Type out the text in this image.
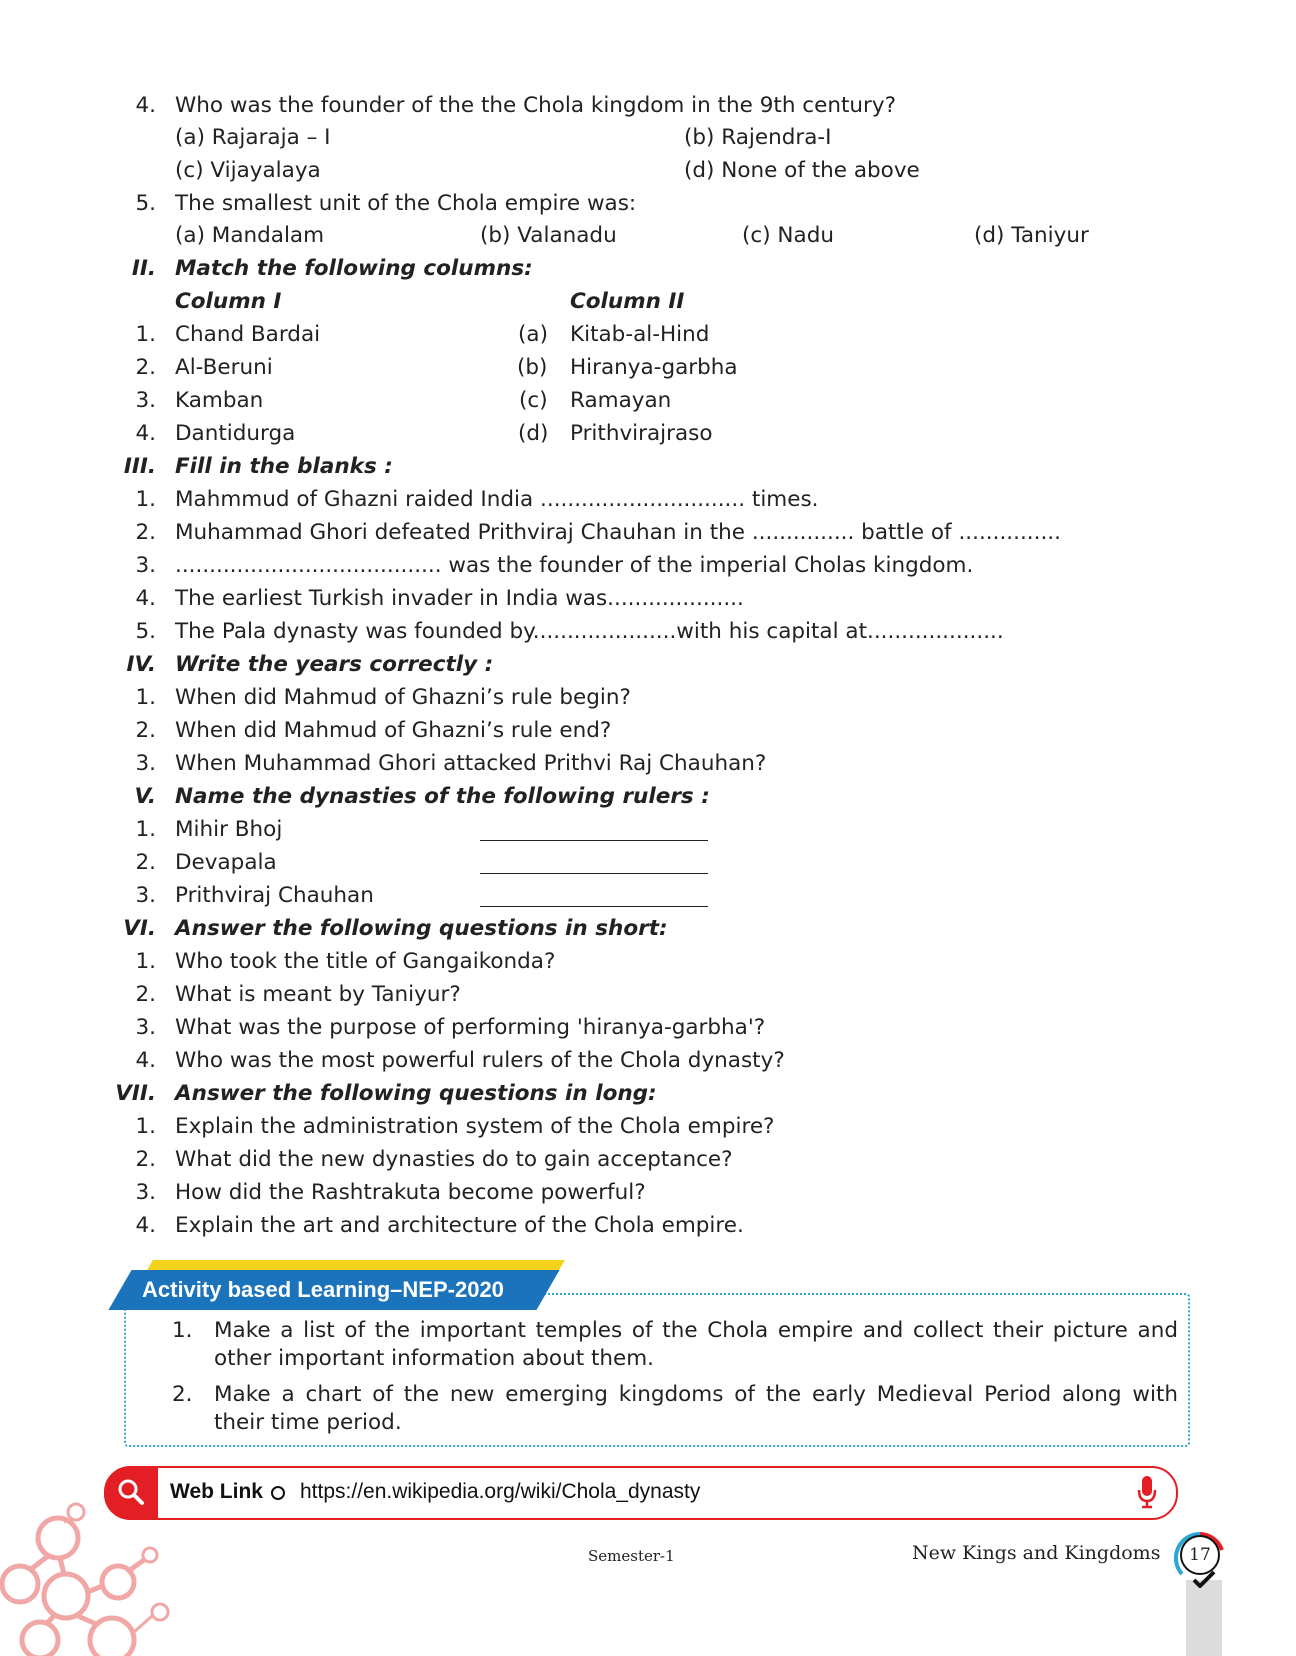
4. Who was the founder of the the Chola kingdom in the 9th century?
(a) Rajaraja – I	(b) Rajendra-I
(c) Vijayalaya	(d) None of the above
5. The smallest unit of the Chola empire was:
(a) Mandalam	(b) Valanadu	(c) Nadu	(d) Taniyur
II. Match the following columns:
Column I	Column II
1. Chand Bardai	(a) Kitab-al-Hind
2. Al-Beruni	(b) Hiranya-garbha
3. Kamban	(c) Ramayan
4. Dantidurga	(d) Prithvirajraso
III. Fill in the blanks :
1. Mahmmud of Ghazni raided India .............................. times.
2. Muhammad Ghori defeated Prithviraj Chauhan in the ............... battle of ...............
3. ....................................... was the founder of the imperial Cholas kingdom.
4. The earliest Turkish invader in India was....................
5. The Pala dynasty was founded by.....................with his capital at....................
IV. Write the years correctly :
1. When did Mahmud of Ghazni’s rule begin?
2. When did Mahmud of Ghazni’s rule end?
3. When Muhammad Ghori attacked Prithvi Raj Chauhan?
V. Name the dynasties of the following rulers :
1. Mihir Bhoj
2. Devapala
3. Prithviraj Chauhan
VI. Answer the following questions in short:
1. Who took the title of Gangaikonda?
2. What is meant by Taniyur?
3. What was the purpose of performing 'hiranya-garbha'?
4. Who was the most powerful rulers of the Chola dynasty?
VII. Answer the following questions in long:
1. Explain the administration system of the Chola empire?
2. What did the new dynasties do to gain acceptance?
3. How did the Rashtrakuta become powerful?
4. Explain the art and architecture of the Chola empire.
Activity based Learning–NEP-2020
1. Make a list of the important temples of the Chola empire and collect their picture and other important information about them.
2. Make a chart of the new emerging kingdoms of the early Medieval Period along with their time period.
Web Link https://en.wikipedia.org/wiki/Chola_dynasty
Semester-1	New Kings and Kingdoms	17
